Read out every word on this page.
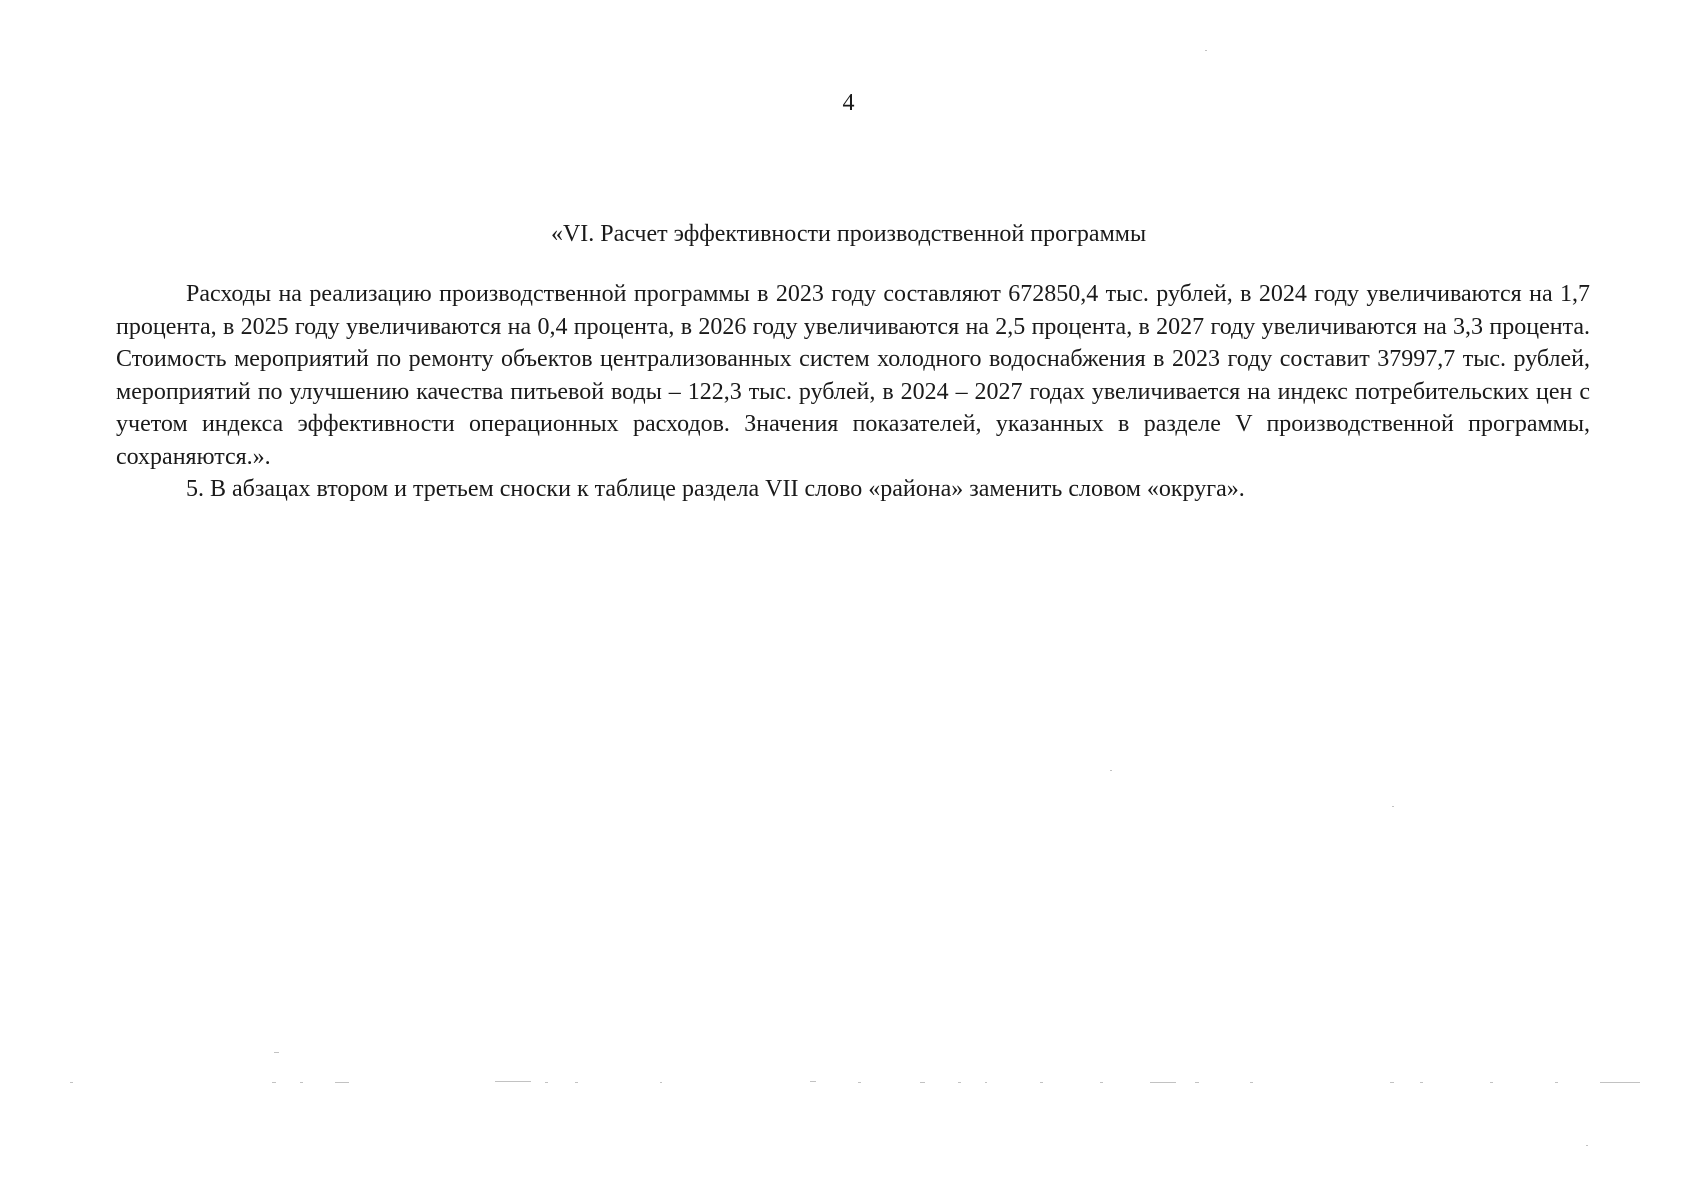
4
«VI. Расчет эффективности производственной программы

Расходы на реализацию производственной программы в 2023 году составляют 672850,4 тыс. рублей, в 2024 году увеличиваются на 1,7 процента, в 2025 году увеличиваются на 0,4 процента, в 2026 году увеличиваются на 2,5 процента, в 2027 году увеличиваются на 3,3 процента. Стоимость мероприятий по ремонту объектов централизованных систем холодного водоснабжения в 2023 году составит 37997,7 тыс. рублей, мероприятий по улучшению качества питьевой воды – 122,3 тыс. рублей, в 2024 – 2027 годах увеличивается на индекс потребительских цен с учетом индекса эффективности операционных расходов. Значения показателей, указанных в разделе V производственной программы, сохраняются.».

5. В абзацах втором и третьем сноски к таблице раздела VII слово «района» заменить словом «округа».
